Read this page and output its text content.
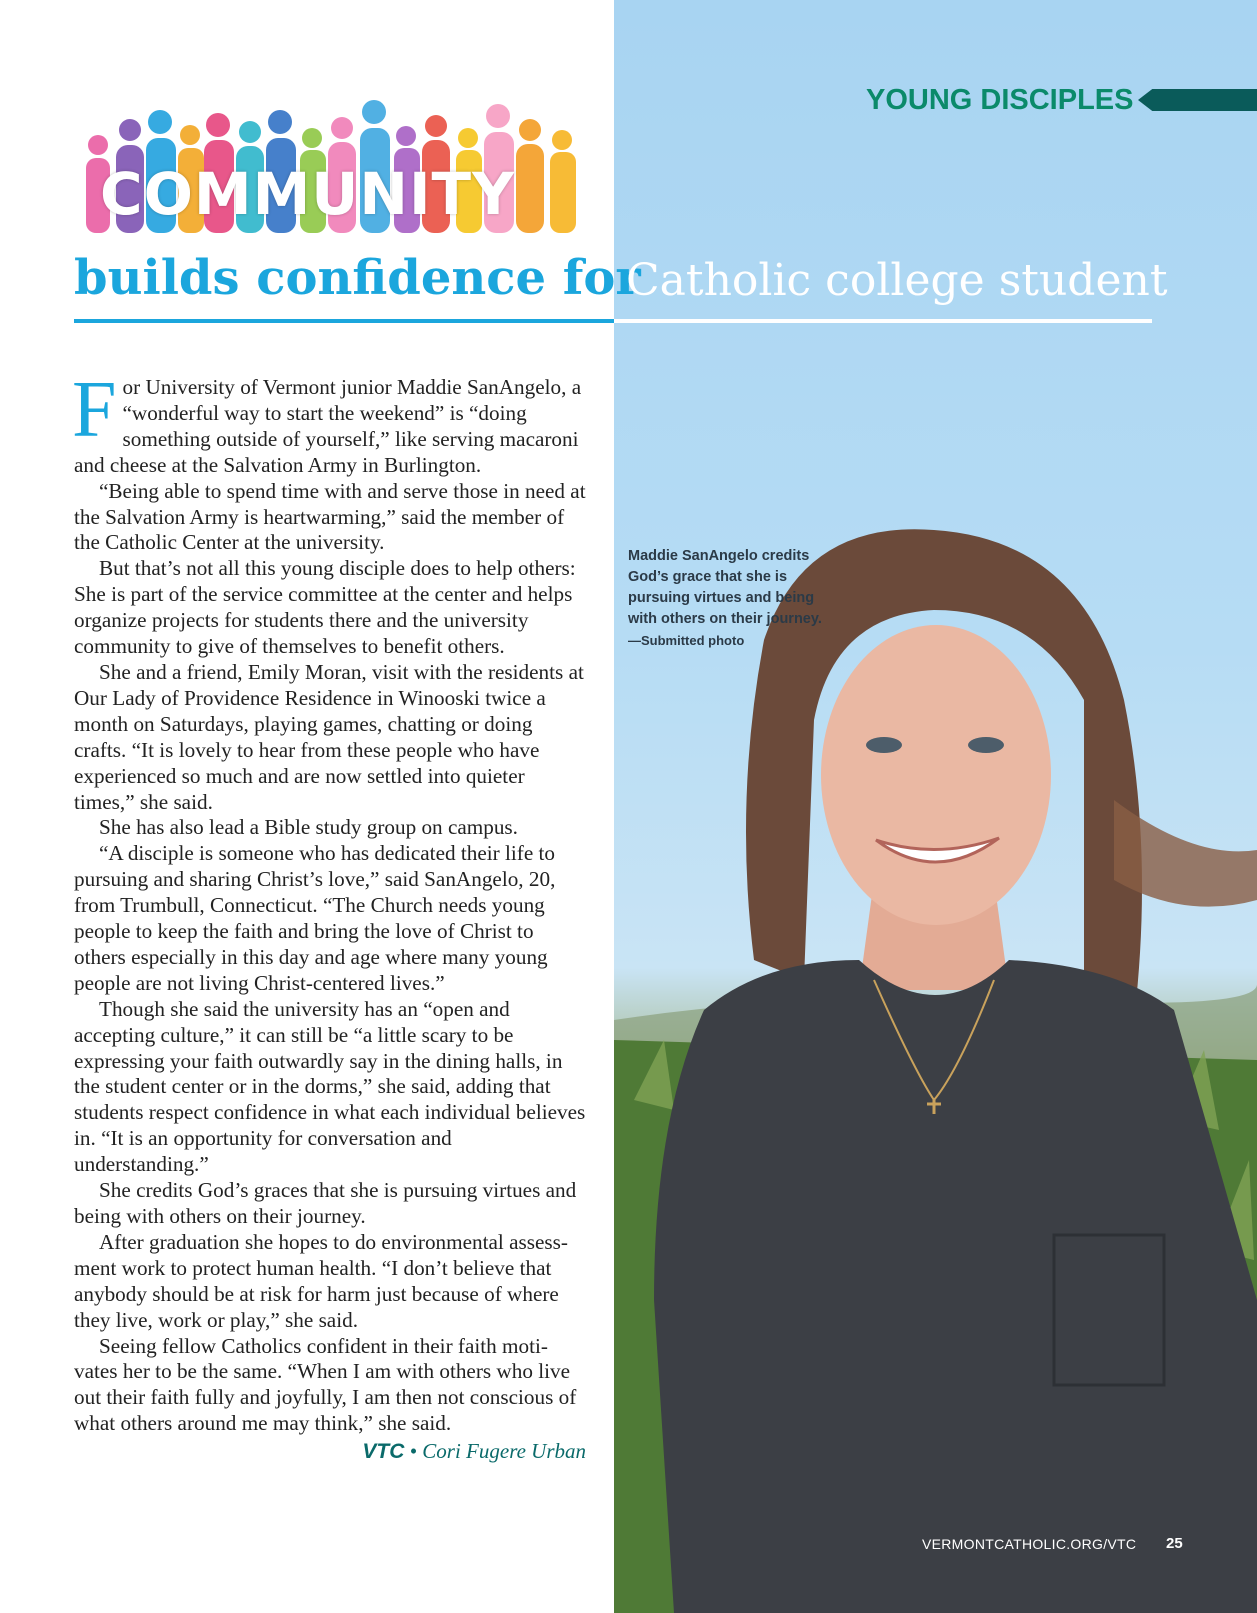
YOUNG DISCIPLES
COMMUNITY
builds confidence for
Catholic college student

For University of Vermont junior Maddie SanAngelo, a “wonderful way to start the weekend” is “doing something outside of yourself,” like serving macaroni and cheese at the Salvation Army in Burlington.

“Being able to spend time with and serve those in need at the Salvation Army is heartwarming,” said the member of the Catholic Center at the university.

But that’s not all this young disciple does to help others: She is part of the service committee at the center and helps organize projects for students there and the university community to give of themselves to benefit others.

She and a friend, Emily Moran, visit with the residents at Our Lady of Providence Residence in Winooski twice a month on Saturdays, playing games, chatting or doing crafts. “It is lovely to hear from these people who have experienced so much and are now settled into quieter times,” she said.

She has also lead a Bible study group on campus.

“A disciple is someone who has dedicated their life to pursuing and sharing Christ’s love,” said SanAngelo, 20, from Trumbull, Connecticut. “The Church needs young people to keep the faith and bring the love of Christ to others especially in this day and age where many young people are not living Christ-centered lives.”

Though she said the university has an “open and accepting culture,” it can still be “a little scary to be expressing your faith outwardly say in the dining halls, in the student center or in the dorms,” she said, adding that students respect confidence in what each individual believes in. “It is an opportunity for conversation and understanding.”

She credits God’s graces that she is pursuing virtues and being with others on their journey.

After graduation she hopes to do environmental assess-ment work to protect human health. “I don’t believe that anybody should be at risk for harm just because of where they live, work or play,” she said.

Seeing fellow Catholics confident in their faith moti-vates her to be the same. “When I am with others who live out their faith fully and joyfully, I am then not conscious of what others around me may think,” she said.

VTC • Cori Fugere Urban
Maddie SanAngelo credits God’s grace that she is pursuing virtues and being with others on their journey. —Submitted photo
VERMONTCATHOLIC.ORG/VTC 25
